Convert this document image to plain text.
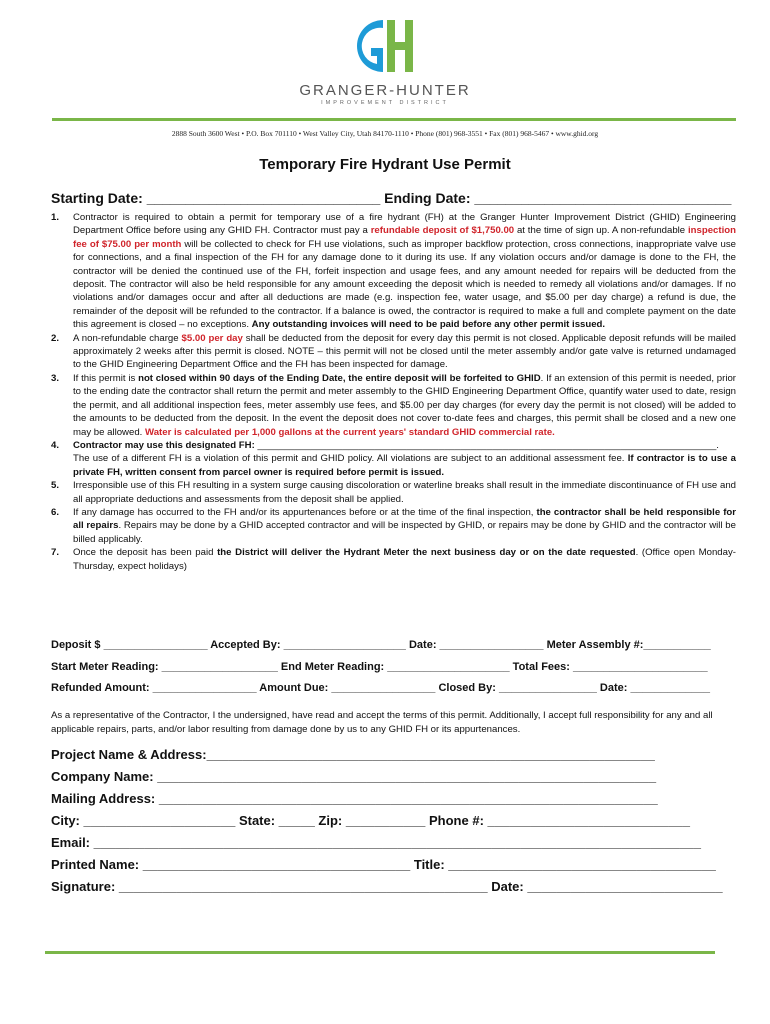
GRANGER-HUNTER
IMPROVEMENT DISTRICT
2888 South 3600 West • P.O. Box 701110 • West Valley City, Utah 84170-1110 • Phone (801) 968-3551 • Fax (801) 968-5467 • www.ghid.org
Temporary Fire Hydrant Use Permit
Starting Date: ______________________________ Ending Date: _________________________________
1.	Contractor is required to obtain a permit for temporary use of a fire hydrant (FH) at the Granger Hunter Improvement District (GHID) Engineering Department Office before using any GHID FH. Contractor must pay a refundable deposit of $1,750.00 at the time of sign up. A non-refundable inspection fee of $75.00 per month will be collected to check for FH use violations, such as improper backflow protection, cross connections, inappropriate valve use for connections, and a final inspection of the FH for any damage done to it during its use. If any violation occurs and/or damage is done to the FH, the contractor will be denied the continued use of the FH, forfeit inspection and usage fees, and any amount needed for repairs will be deducted from the deposit. The contractor will also be held responsible for any amount exceeding the deposit which is needed to remedy all violations and/or damages. If no violations and/or damages occur and after all deductions are made (e.g. inspection fee, water usage, and $5.00 per day charge) a refund is due, the remainder of the deposit will be refunded to the contractor. If a balance is owed, the contractor is required to make a full and complete payment on the date this agreement is closed – no exceptions. Any outstanding invoices will need to be paid before any other permit issued.
2.	A non-refundable charge $5.00 per day shall be deducted from the deposit for every day this permit is not closed. Applicable deposit refunds will be mailed approximately 2 weeks after this permit is closed. NOTE – this permit will not be closed until the meter assembly and/or gate valve is returned undamaged to the GHID Engineering Department Office and the FH has been inspected for damage.
3.	If this permit is not closed within 90 days of the Ending Date, the entire deposit will be forfeited to GHID. If an extension of this permit is needed, prior to the ending date the contractor shall return the permit and meter assembly to the GHID Engineering Department Office, quantify water used to date, resign the permit, and all additional inspection fees, meter assembly use fees, and $5.00 per day charges (for every day the permit is not closed) will be added to the amounts to be deducted from the deposit. In the event the deposit does not cover to-date fees and charges, this permit shall be closed and a new one may be allowed. Water is calculated per 1,000 gallons at the current years' standard GHID commercial rate.
4.	Contractor may use this designated FH: ______________________________________________________________________________________.
The use of a different FH is a violation of this permit and GHID policy. All violations are subject to an additional assessment fee. If contractor is to use a private FH, written consent from parcel owner is required before permit is issued.
5.	Irresponsible use of this FH resulting in a system surge causing discoloration or waterline breaks shall result in the immediate discontinuance of FH use and all appropriate deductions and assessments from the deposit shall be applied.
6.	If any damage has occurred to the FH and/or its appurtenances before or at the time of the final inspection, the contractor shall be held responsible for all repairs. Repairs may be done by a GHID accepted contractor and will be inspected by GHID, or repairs may be done by GHID and the contractor will be billed applicably.
7.	Once the deposit has been paid the District will deliver the Hydrant Meter the next business day or on the date requested. (Office open Monday-Thursday, expect holidays)
Deposit $ _________________ Accepted By: ____________________ Date: _________________ Meter Assembly #:___________
Start Meter Reading: ___________________ End Meter Reading: ____________________ Total Fees: ______________________
Refunded Amount: _________________ Amount Due: _________________ Closed By: ________________ Date: _____________
As a representative of the Contractor, I the undersigned, have read and accept the terms of this permit. Additionally, I accept full responsibility for any and all applicable repairs, parts, and/or labor resulting from damage done by us to any GHID FH or its appurtenances.
Project Name & Address:______________________________________________________________
Company Name: _____________________________________________________________________
Mailing Address: _____________________________________________________________________
City: _____________________ State: _____ Zip: ___________ Phone #: ____________________________
Email: ____________________________________________________________________________________
Printed Name: _____________________________________ Title: _____________________________________
Signature: ___________________________________________________ Date: ___________________________
